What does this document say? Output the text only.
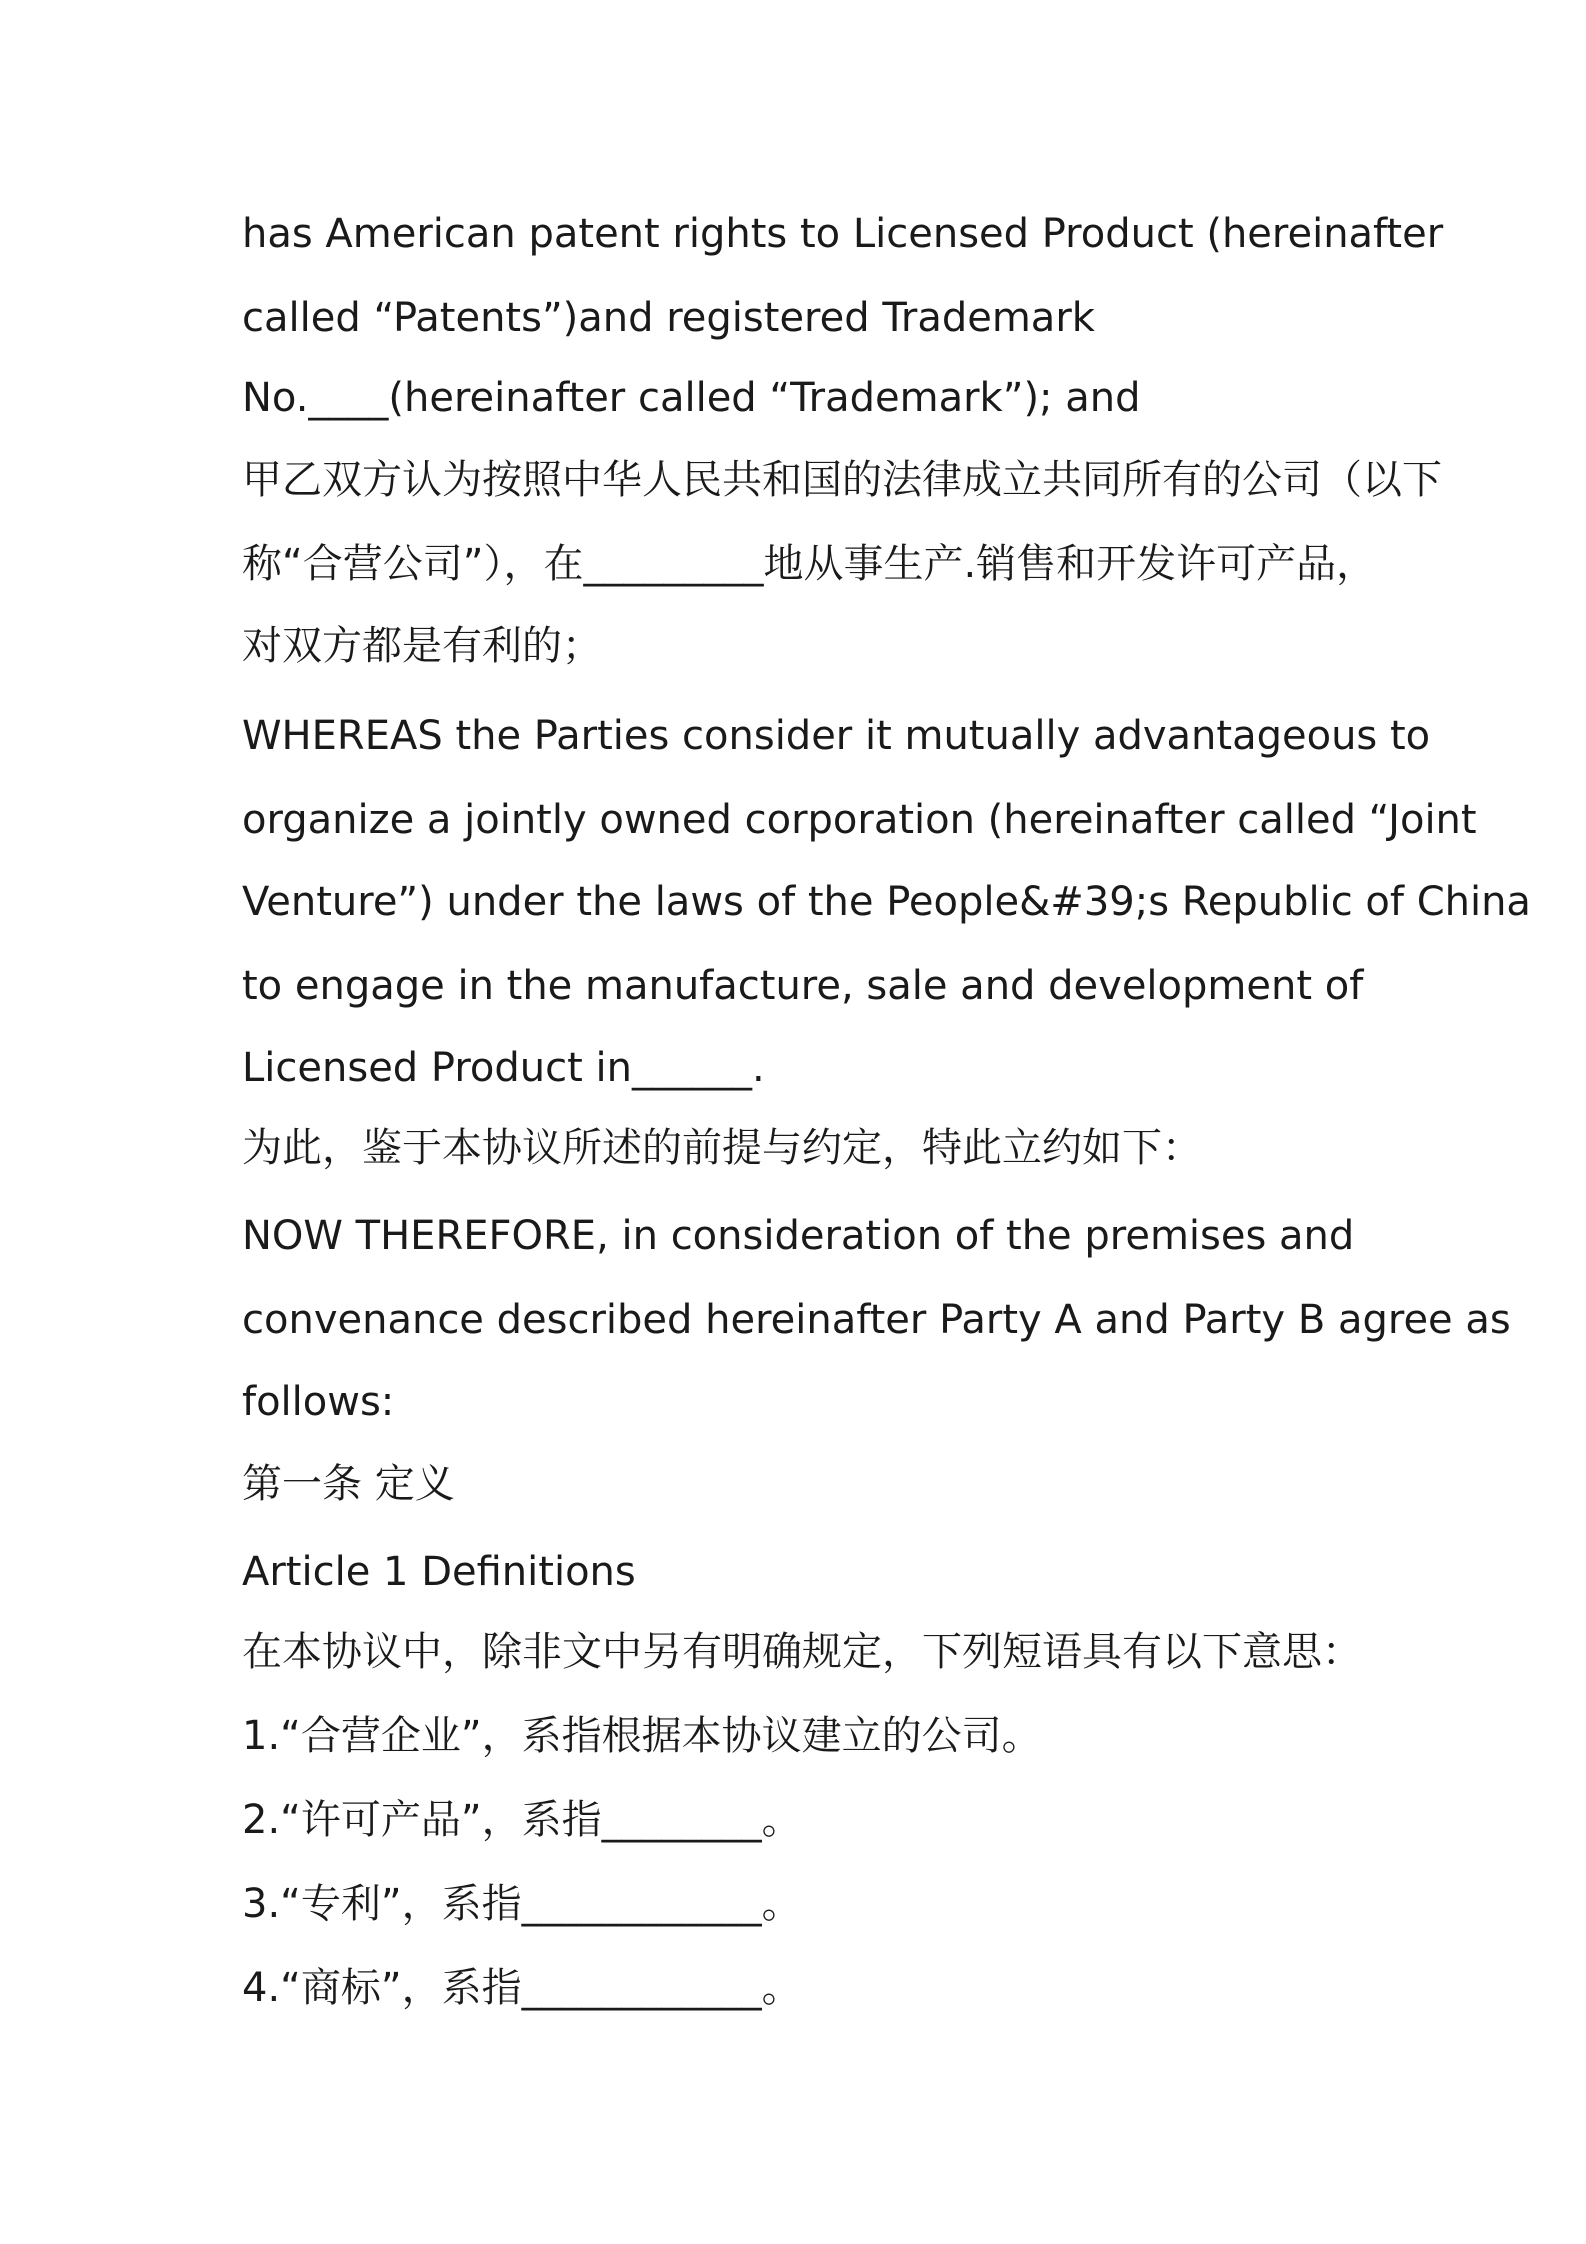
has American patent rights to Licensed Product (hereinafter

called “Patents”)and registered Trademark

No.____(hereinafter called “Trademark”); and

甲乙双方认为按照中华人民共和国的法律成立共同所有的公司（以下

称“合营公司”），在_________地从事生产.销售和开发许可产品，

对双方都是有利的；

WHEREAS the Parties consider it mutually advantageous to

organize a jointly owned corporation (hereinafter called “Joint

Venture”) under the laws of the People&#39;s Republic of China

to engage in the manufacture, sale and development of

Licensed Product in______.

为此，鉴于本协议所述的前提与约定，特此立约如下：

NOW THEREFORE, in consideration of the premises and

convenance described hereinafter Party A and Party B agree as

follows:

第一条 定义

Article 1 Definitions

在本协议中，除非文中另有明确规定，下列短语具有以下意思：

1.“合营企业”，系指根据本协议建立的公司。

2.“许可产品”，系指________。

3.“专利”，系指____________。

4.“商标”，系指____________。
